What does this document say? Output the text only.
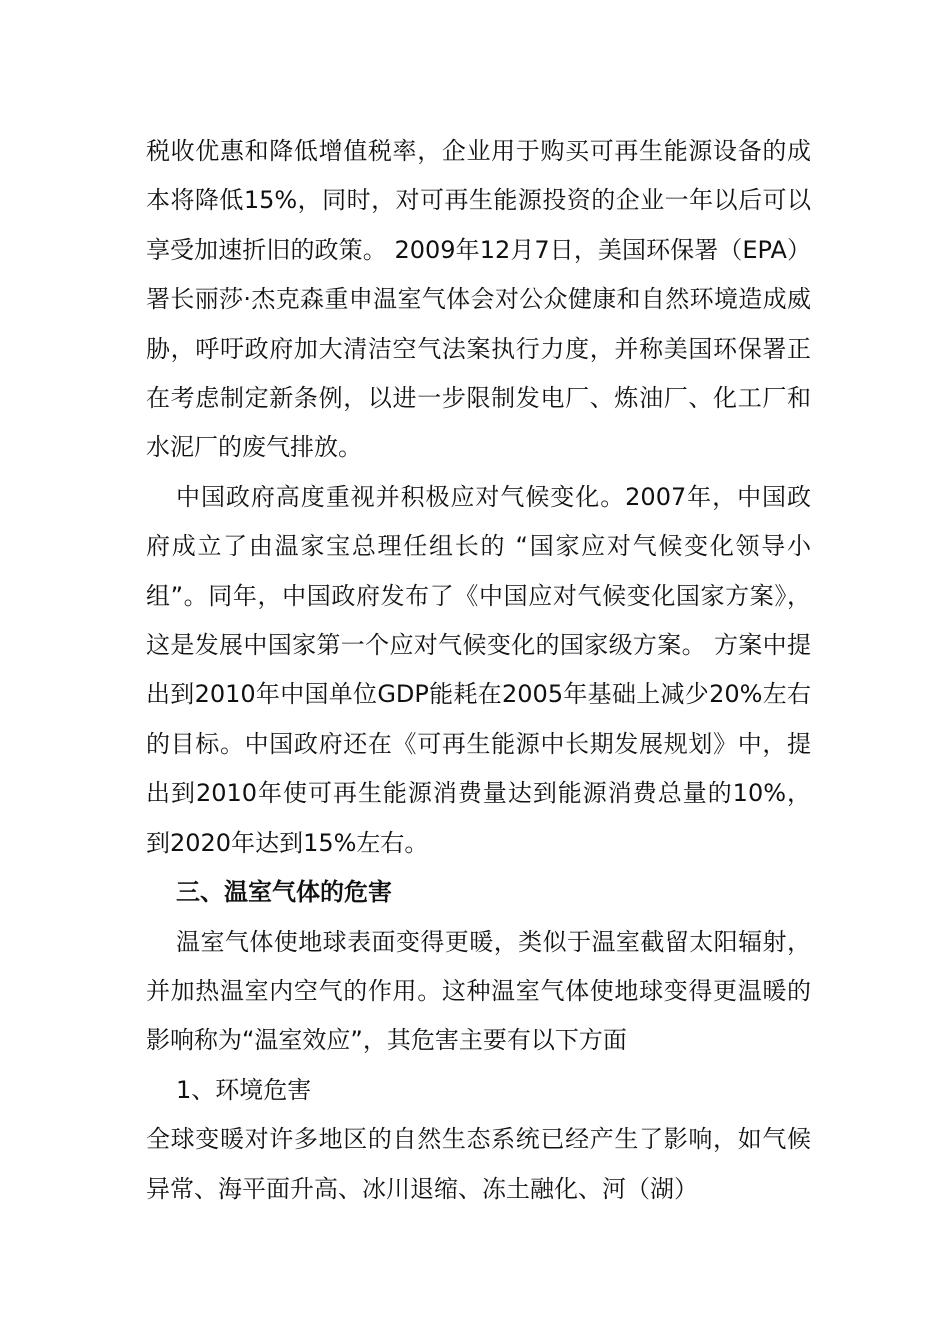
税收优惠和降低增值税率，企业用于购买可再生能源设备的成本将降低15%，同时，对可再生能源投资的企业一年以后可以享受加速折旧的政策。 2009年12月7日，美国环保署（EPA）署长丽莎·杰克森重申温室气体会对公众健康和自然环境造成威胁，呼吁政府加大清洁空气法案执行力度，并称美国环保署正在考虑制定新条例，以进一步限制发电厂、炼油厂、化工厂和水泥厂的废气排放。

中国政府高度重视并积极应对气候变化。2007年，中国政府成立了由温家宝总理任组长的 “国家应对气候变化领导小组”。同年，中国政府发布了《中国应对气候变化国家方案》，这是发展中国家第一个应对气候变化的国家级方案。 方案中提出到2010年中国单位GDP能耗在2005年基础上减少20%左右的目标。中国政府还在《可再生能源中长期发展规划》中，提出到2010年使可再生能源消费量达到能源消费总量的10%，到2020年达到15%左右。

三、温室气体的危害

温室气体使地球表面变得更暖，类似于温室截留太阳辐射，并加热温室内空气的作用。这种温室气体使地球变得更温暖的影响称为“温室效应”，其危害主要有以下方面

1、环境危害

全球变暖对许多地区的自然生态系统已经产生了影响，如气候异常、海平面升高、冰川退缩、冻土融化、河（湖）
